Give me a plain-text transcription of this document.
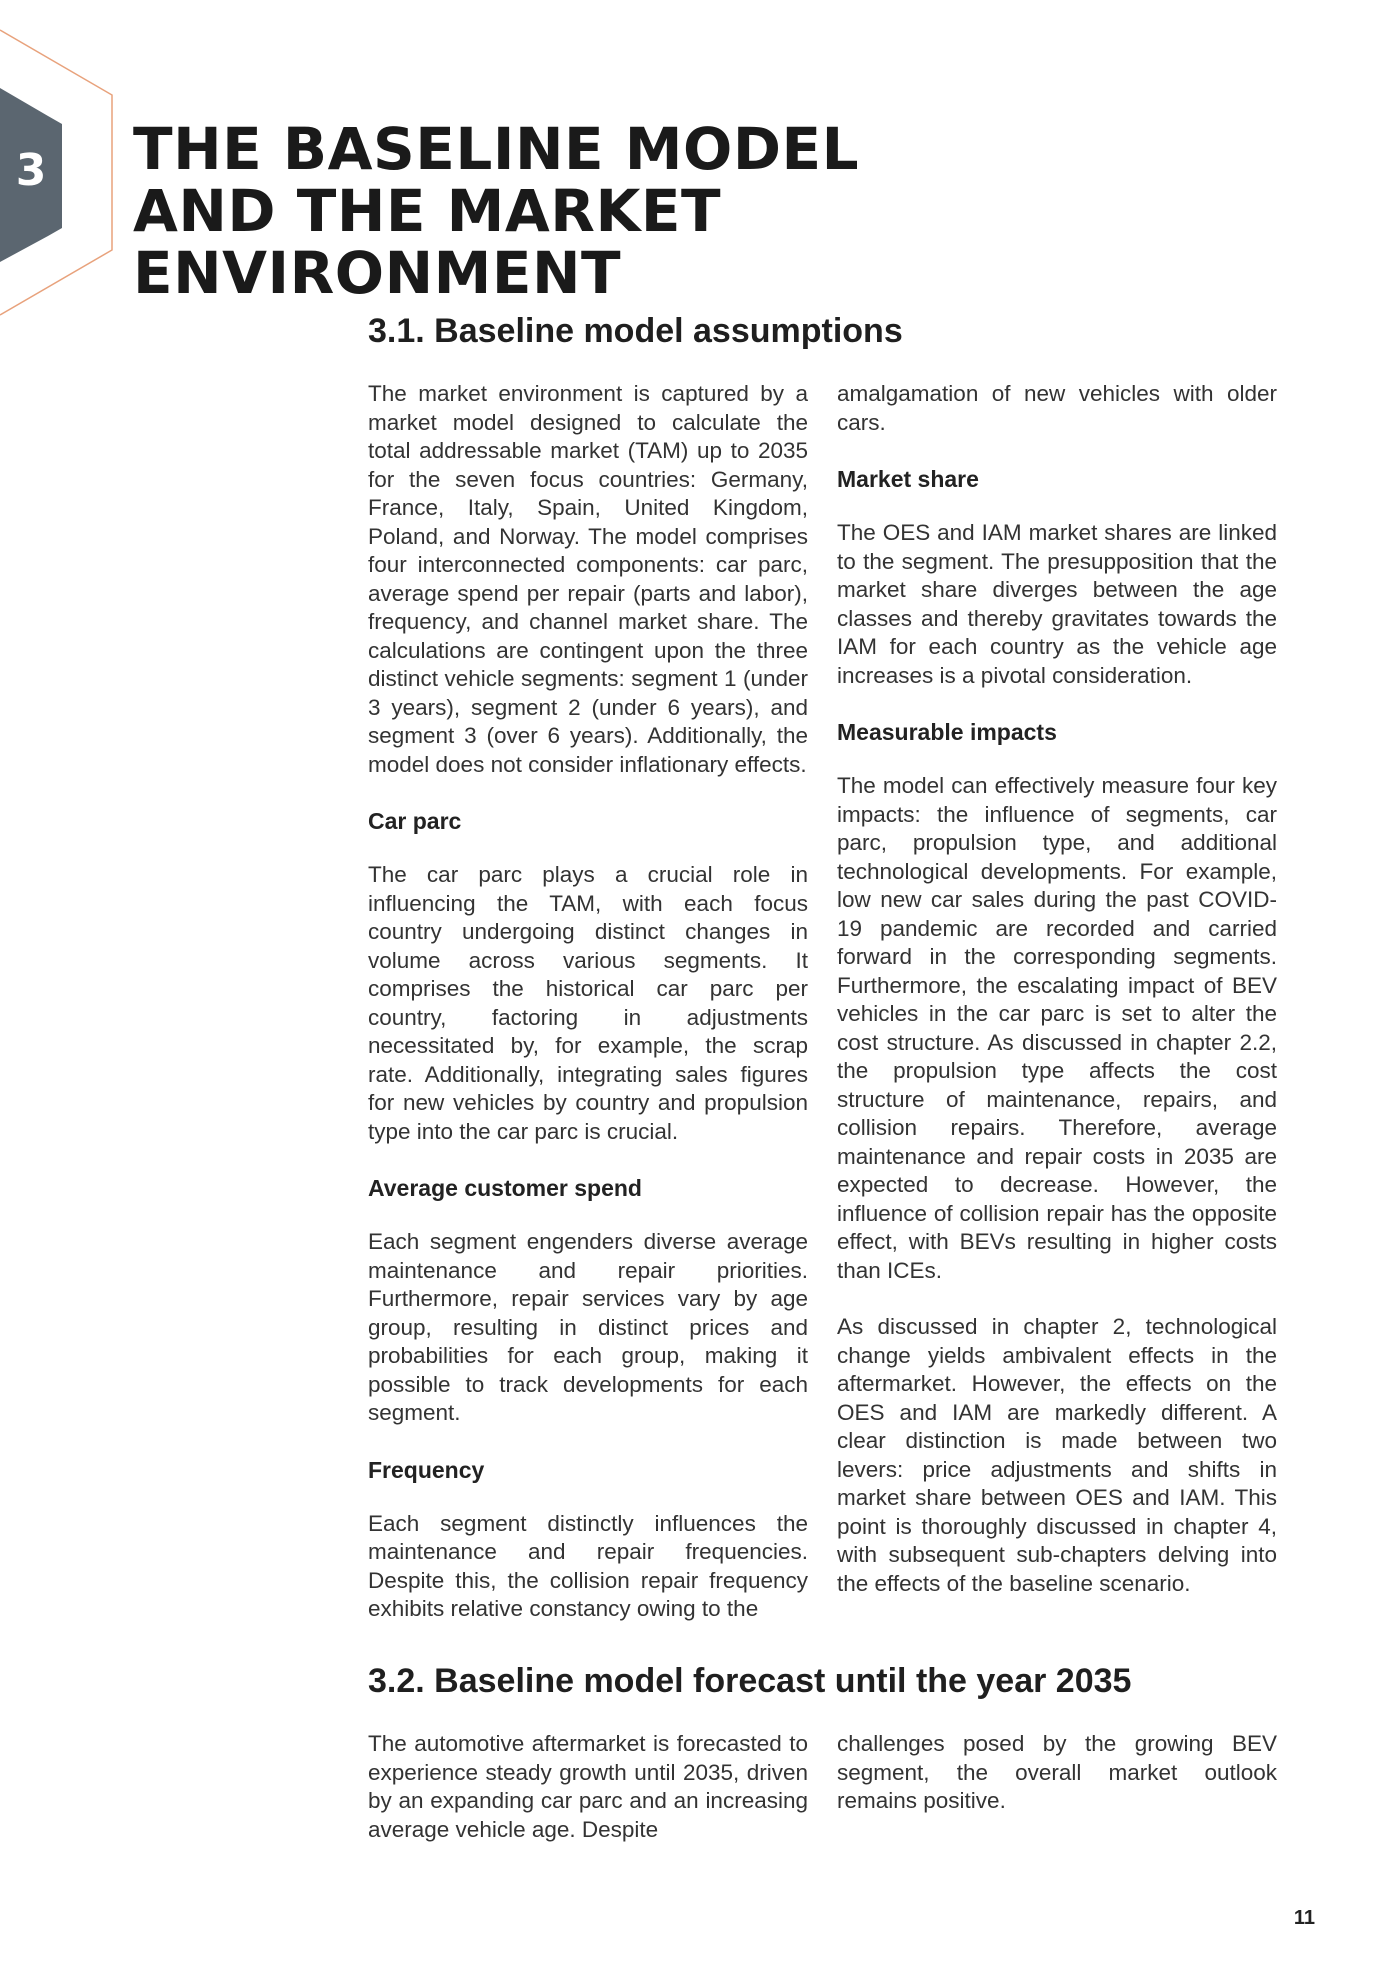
3 THE BASELINE MODEL
AND THE MARKET ENVIRONMENT
3.1. Baseline model assumptions

The market environment is captured by a market model designed to calculate the total addressable market (TAM) up to 2035 for the seven focus countries: Germany, France, Italy, Spain, United Kingdom, Poland, and Norway. The model comprises four interconnected components: car parc, average spend per repair (parts and labor), frequency, and channel market share. The calculations are contingent upon the three distinct vehicle segments: segment 1 (under 3 years), segment 2 (under 6 years), and segment 3 (over 6 years). Additionally, the model does not consider inflationary effects.

Car parc

The car parc plays a crucial role in influencing the TAM, with each focus country undergoing distinct changes in volume across various segments. It comprises the historical car parc per country, factoring in adjustments necessitated by, for example, the scrap rate. Additionally, integrating sales figures for new vehicles by country and propulsion type into the car parc is crucial.

Average customer spend

Each segment engenders diverse average maintenance and repair priorities. Furthermore, repair services vary by age group, resulting in distinct prices and probabilities for each group, making it possible to track developments for each segment.

Frequency

Each segment distinctly influences the maintenance and repair frequencies. Despite this, the collision repair frequency exhibits relative constancy owing to the

amalgamation of new vehicles with older cars.

Market share

The OES and IAM market shares are linked to the segment. The presupposition that the market share diverges between the age classes and thereby gravitates towards the IAM for each country as the vehicle age increases is a pivotal consideration.

Measurable impacts

The model can effectively measure four key impacts: the influence of segments, car parc, propulsion type, and additional technological developments. For example, low new car sales during the past COVID-19 pandemic are recorded and carried forward in the corresponding segments. Furthermore, the escalating impact of BEV vehicles in the car parc is set to alter the cost structure. As discussed in chapter 2.2, the propulsion type affects the cost structure of maintenance, repairs, and collision repairs. Therefore, average maintenance and repair costs in 2035 are expected to decrease. However, the influence of collision repair has the opposite effect, with BEVs resulting in higher costs than ICEs.

As discussed in chapter 2, technological change yields ambivalent effects in the aftermarket. However, the effects on the OES and IAM are markedly different. A clear distinction is made between two levers: price adjustments and shifts in market share between OES and IAM. This point is thoroughly discussed in chapter 4, with subsequent sub-chapters delving into the effects of the baseline scenario.

3.2. Baseline model forecast until the year 2035

The automotive aftermarket is forecasted to experience steady growth until 2035, driven by an expanding car parc and an increasing average vehicle age. Despite

challenges posed by the growing BEV segment, the overall market outlook remains positive.

11
